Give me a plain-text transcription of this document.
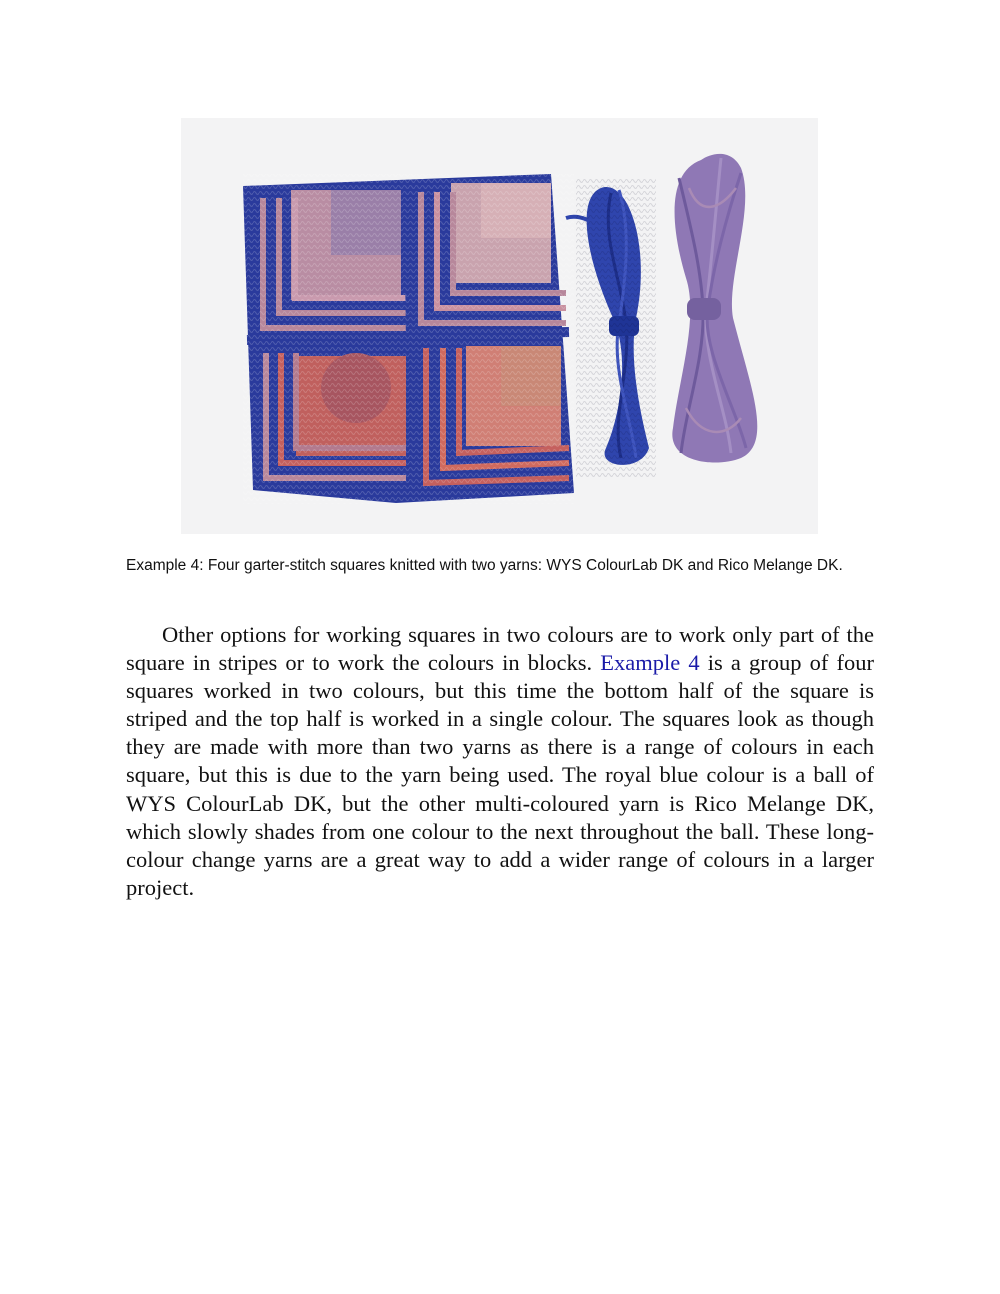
Example 4: Four garter-stitch squares knitted with two yarns: WYS ColourLab DK and Rico Melange DK.

Other options for working squares in two colours are to work only part of the square in stripes or to work the colours in blocks. Example 4 is a group of four squares worked in two colours, but this time the bottom half of the square is striped and the top half is worked in a single colour. The squares look as though they are made with more than two yarns as there is a range of colours in each square, but this is due to the yarn being used. The royal blue colour is a ball of WYS ColourLab DK, but the other multi-coloured yarn is Rico Melange DK, which slowly shades from one colour to the next throughout the ball. These long-colour change yarns are a great way to add a wider range of colours in a larger project.
